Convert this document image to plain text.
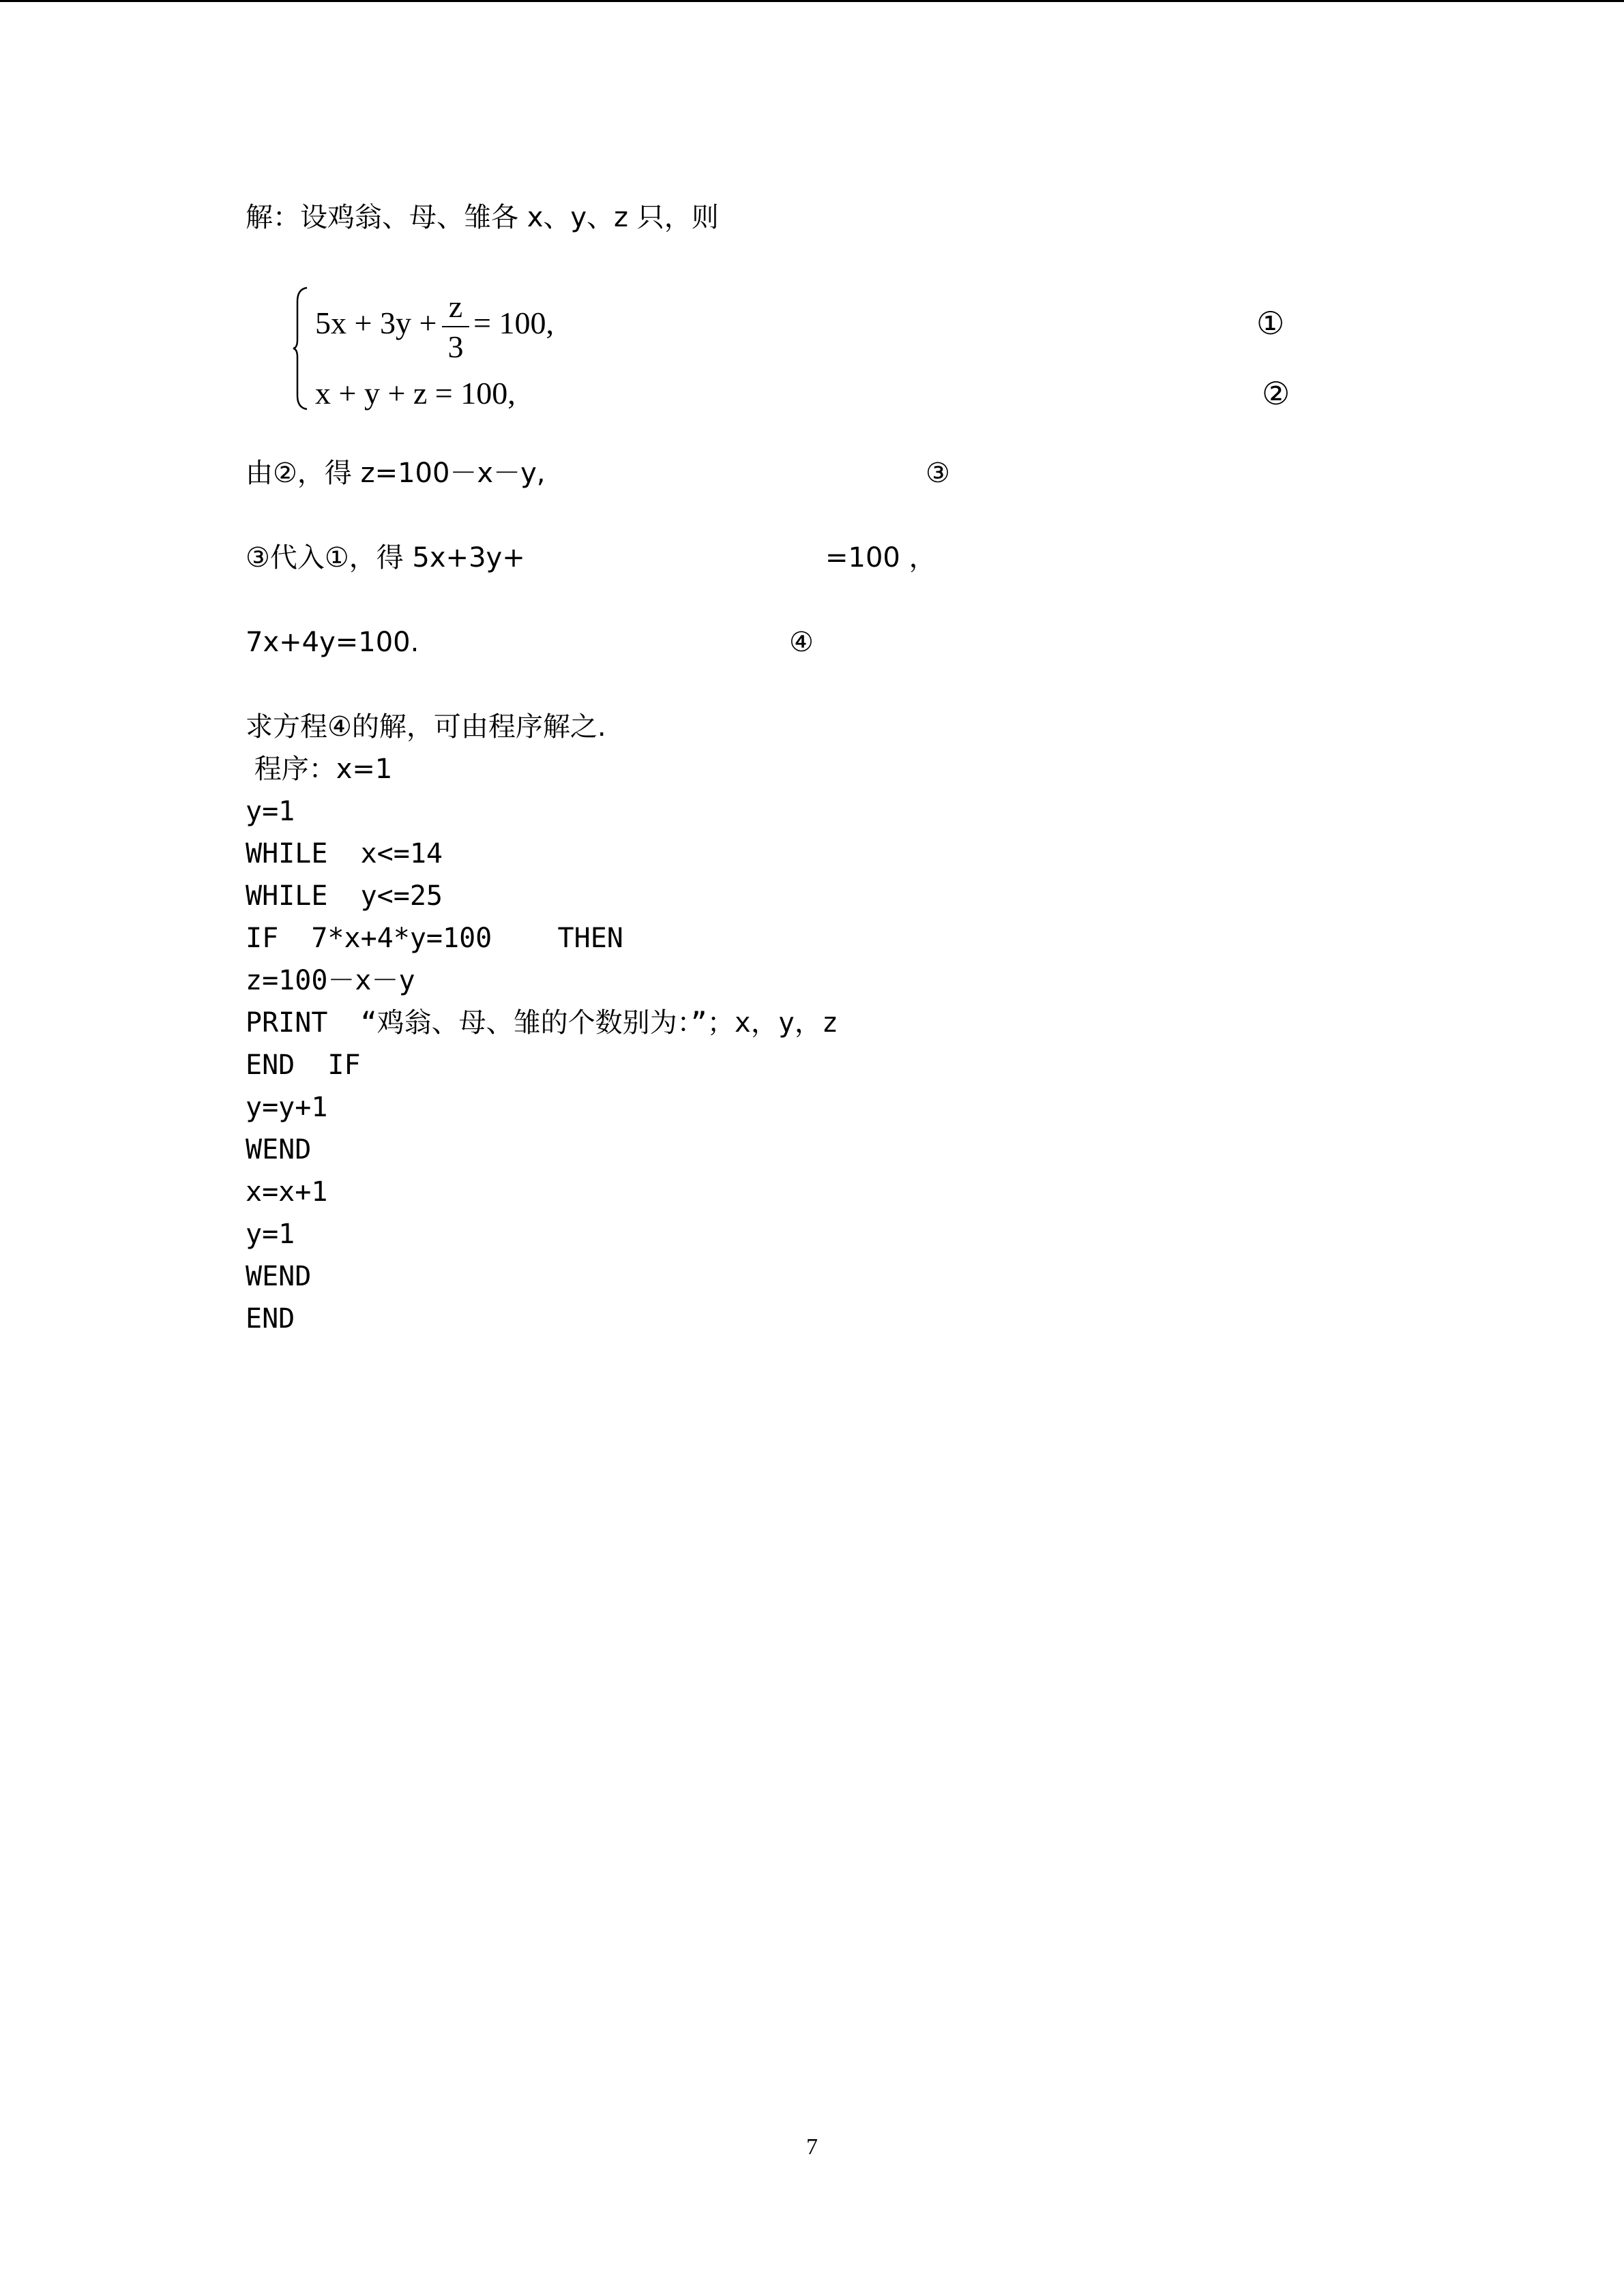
解：设鸡翁、母、雏各 x、y、z 只，则
5x + 3y + z
3
= 100,	①
x + y + z = 100,	②
由②，得 z=100－x－y,	③
③代入①，得 5x+3y+	=100 ，
7x+4y=100.	④
求方程④的解，可由程序解之.
程序：x=1
y=1
WHILE  x<=14
WHILE  y<=25
IF  7*x+4*y=100    THEN
z=100－x－y
PRINT  “鸡翁、母、雏的个数别为：”；x，y，z
END  IF
y=y+1
WEND
x=x+1
y=1
WEND
END
7
